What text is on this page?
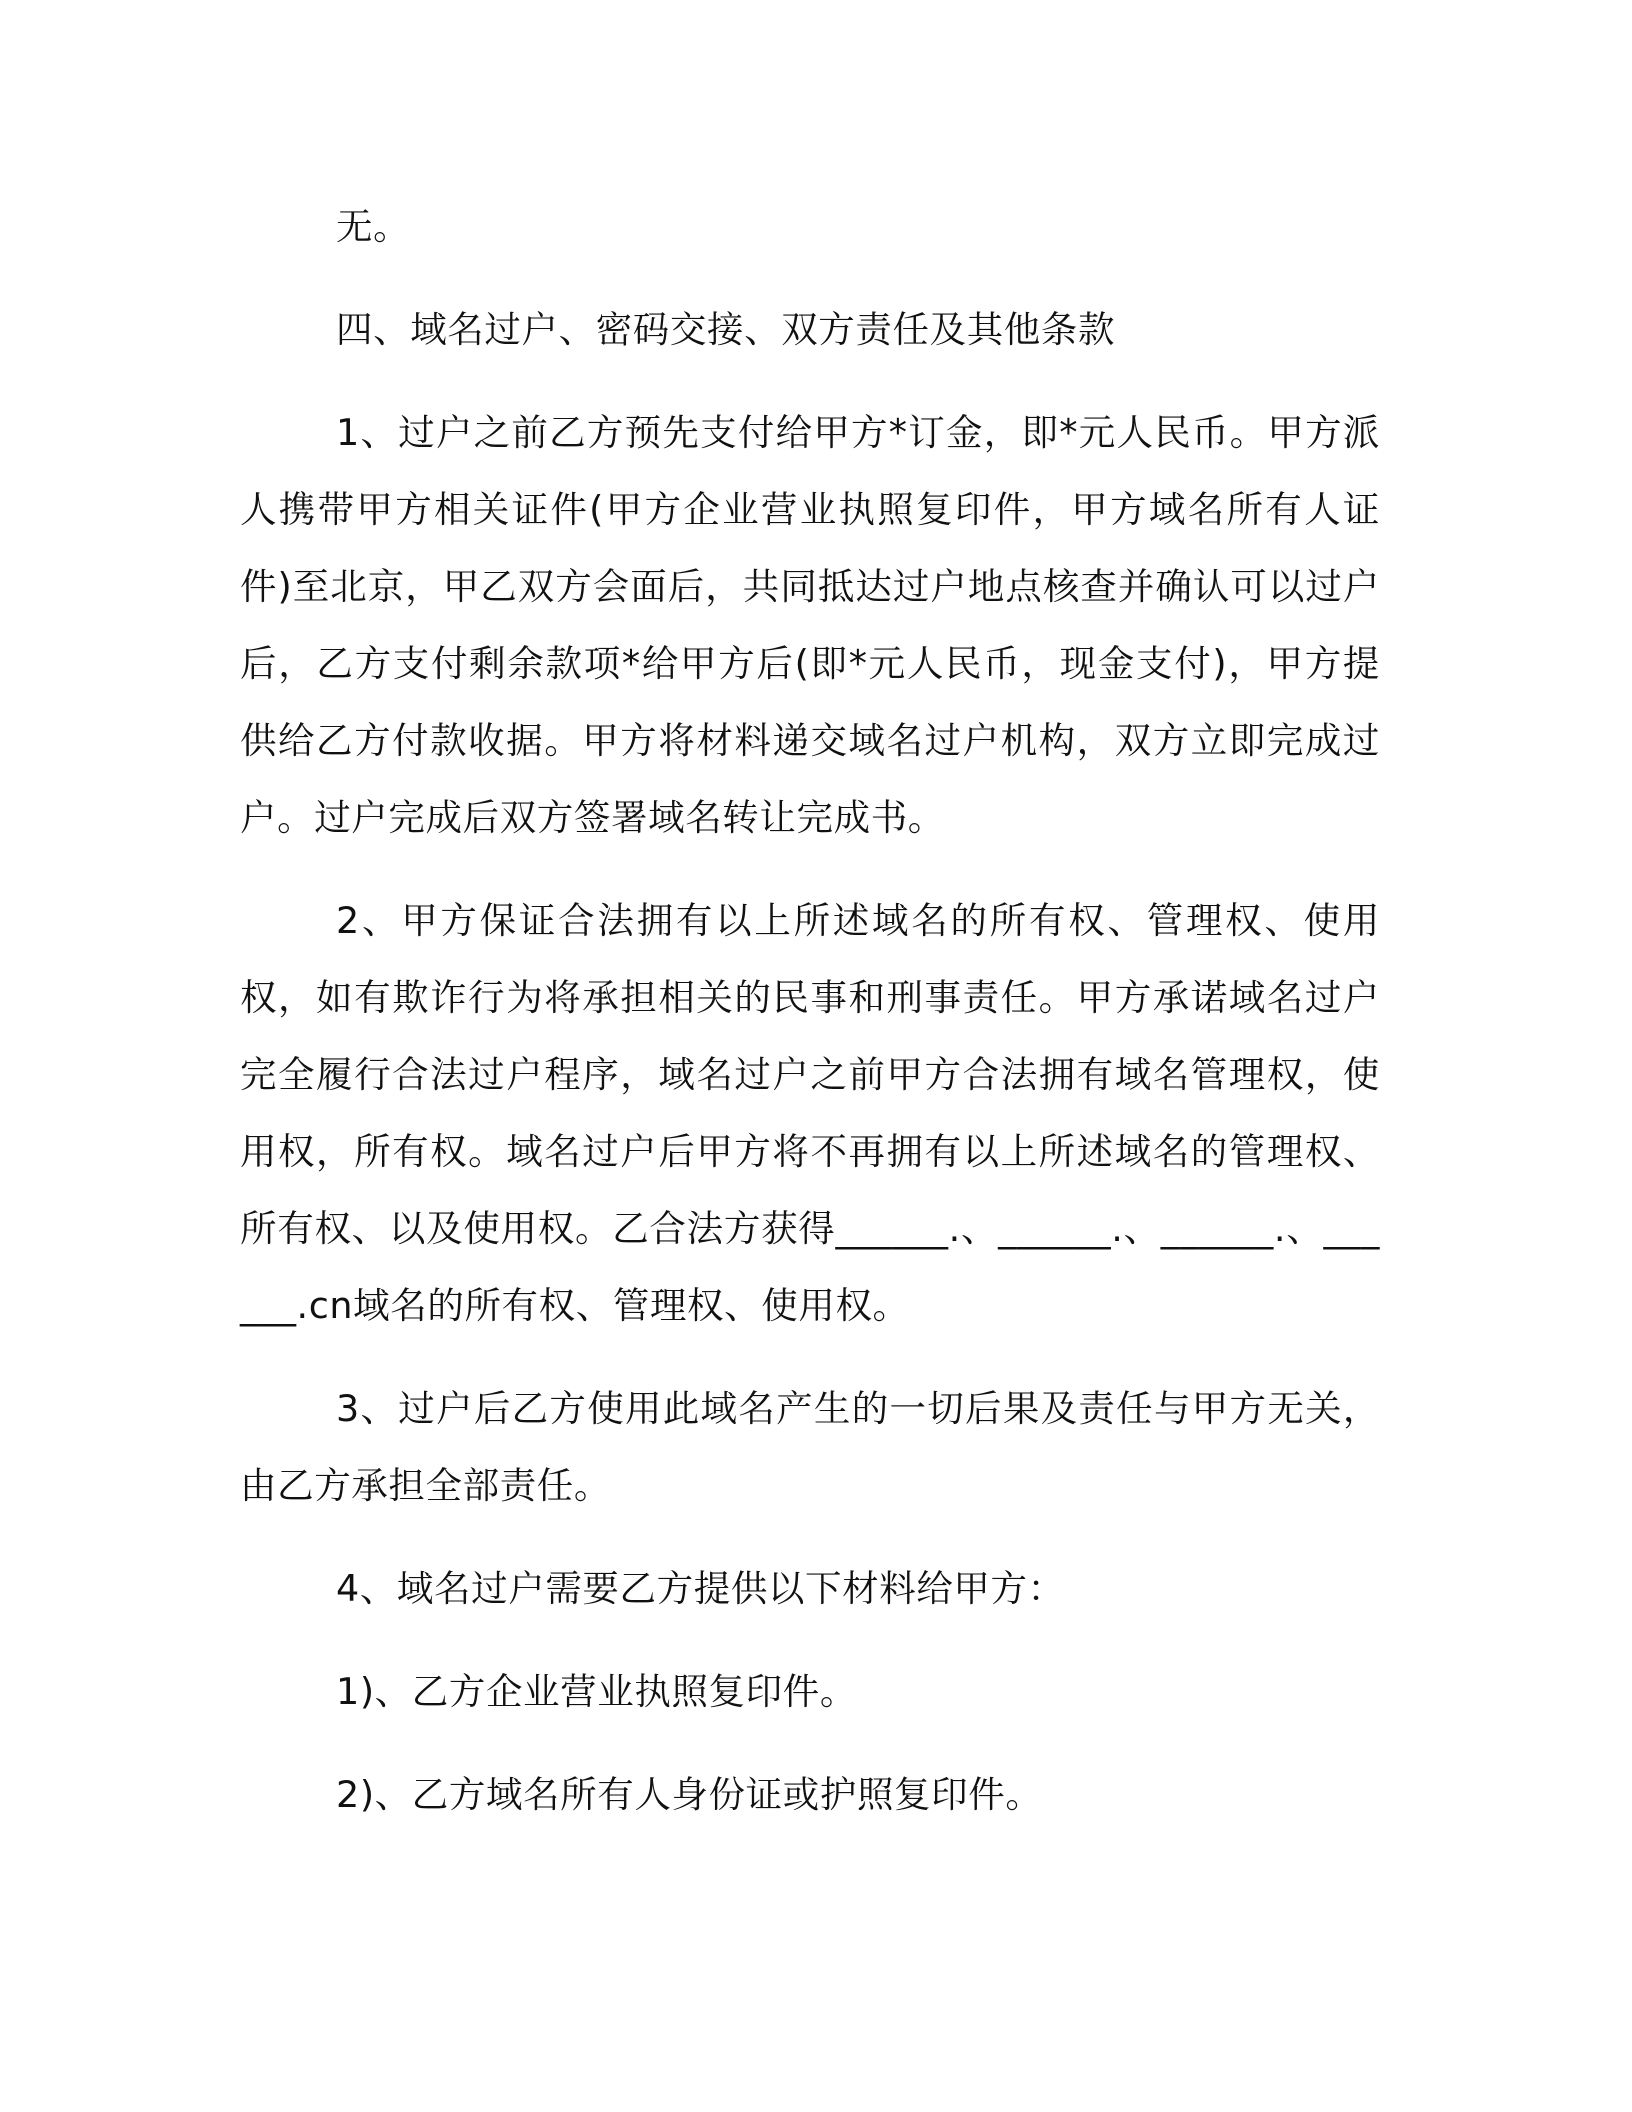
无。

四、域名过户、密码交接、双方责任及其他条款

1、过户之前乙方预先支付给甲方*订金，即*元人民币。甲方派人携带甲方相关证件(甲方企业营业执照复印件，甲方域名所有人证件)至北京，甲乙双方会面后，共同抵达过户地点核查并确认可以过户后，乙方支付剩余款项*给甲方后(即*元人民币，现金支付)，甲方提供给乙方付款收据。甲方将材料递交域名过户机构，双方立即完成过户。过户完成后双方签署域名转让完成书。

2、甲方保证合法拥有以上所述域名的所有权、管理权、使用权，如有欺诈行为将承担相关的民事和刑事责任。甲方承诺域名过户完全履行合法过户程序，域名过户之前甲方合法拥有域名管理权，使用权，所有权。域名过户后甲方将不再拥有以上所述域名的管理权、所有权、以及使用权。乙合法方获得______.、______.、______.、______.cn域名的所有权、管理权、使用权。

3、过户后乙方使用此域名产生的一切后果及责任与甲方无关，由乙方承担全部责任。

4、域名过户需要乙方提供以下材料给甲方：

1)、乙方企业营业执照复印件。

2)、乙方域名所有人身份证或护照复印件。
